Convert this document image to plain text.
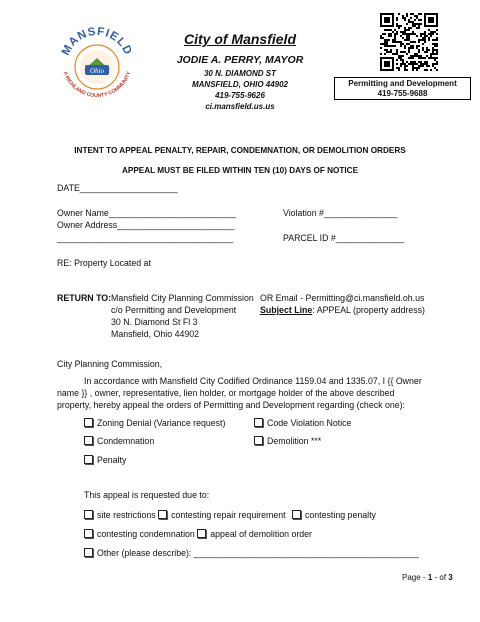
Ohio
MANSFIELD
A RICHLAND COUNTY COMMUNITY
City of Mansfield
JODIE A. PERRY, MAYOR
30 N. DIAMOND ST
MANSFIELD, OHIO 44902
419-755-9626
ci.mansfield.us.us
Permitting and Development
419-755-9688
INTENT TO APPEAL PENALTY, REPAIR, CONDEMNATION, OR DEMOLITION ORDERS
APPEAL MUST BE FILED WITHIN TEN (10) DAYS OF NOTICE
DATE____________________
Owner Name__________________________
Owner Address________________________
____________________________________
Violation #_______________
PARCEL ID #______________
RE: Property Located at
RETURN TO: Mansfield City Planning Commission
c/o Permitting and Development
30 N. Diamond St Fl 3
Mansfield, Ohio 44902
OR Email - Permitting@ci.mansfield.oh.us
Subject Line: APPEAL (property address)
City Planning Commission,
In accordance with Mansfield City Codified Ordinance 1159.04 and 1335.07, I {{ Owner
name }} , owner, representative, lien holder, or mortgage holder of the above described
property, hereby appeal the orders of Permitting and Development regarding (check one):
Zoning Denial (Variance request)	Code Violation Notice
Condemnation	Demolition ***
Penalty
This appeal is requested due to:
site restrictions contesting repair requirement contesting penalty
contesting condemnation appeal of demolition order
Other (please describe): ______________________________________________
Page - 1 - of 3
